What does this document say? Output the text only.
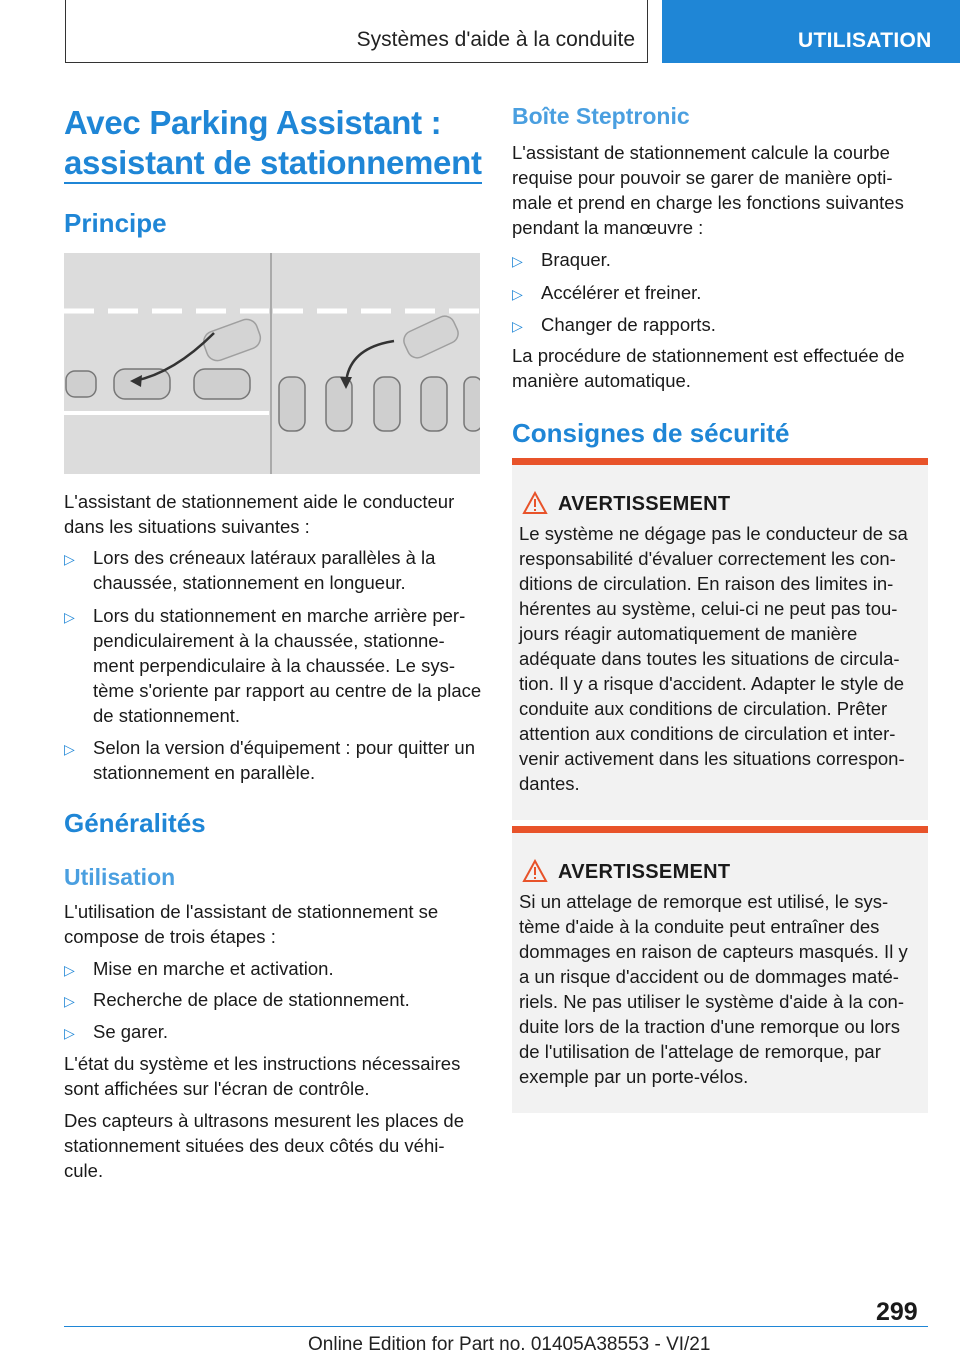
Systèmes d'aide à la conduite	UTILISATION
Avec Parking Assistant : assistant de stationnement
Principe

L'assistant de stationnement aide le conducteur dans les situations suivantes :

▷ Lors des créneaux latéraux parallèles à la chaussée, stationnement en longueur.
▷ Lors du stationnement en marche arrière per‐pendiculairement à la chaussée, stationne‐ment perpendiculaire à la chaussée. Le sys‐tème s'oriente par rapport au centre de la place de stationnement.
▷ Selon la version d'équipement : pour quitter un stationnement en parallèle.
Généralités
Utilisation

L'utilisation de l'assistant de stationnement se compose de trois étapes :

▷ Mise en marche et activation.
▷ Recherche de place de stationnement.
▷ Se garer.

L'état du système et les instructions nécessaires sont affichées sur l'écran de contrôle.

Des capteurs à ultrasons mesurent les places de stationnement situées des deux côtés du véhi‐cule.

Boîte Steptronic

L'assistant de stationnement calcule la courbe requise pour pouvoir se garer de manière opti‐male et prend en charge les fonctions suivantes pendant la manœuvre :

▷ Braquer.
▷ Accélérer et freiner.
▷ Changer de rapports.

La procédure de stationnement est effectuée de manière automatique.

Consignes de sécurité
AVERTISSEMENT

Le système ne dégage pas le conducteur de sa responsabilité d'évaluer correctement les con‐ditions de circulation. En raison des limites in‐hérentes au système, celui-ci ne peut pas tou‐jours réagir automatiquement de manière adéquate dans toutes les situations de circula‐tion. Il y a risque d'accident. Adapter le style de conduite aux conditions de circulation. Prêter attention aux conditions de circulation et inter‐venir activement dans les situations correspon‐dantes.

AVERTISSEMENT

Si un attelage de remorque est utilisé, le sys‐tème d'aide à la conduite peut entraîner des dommages en raison de capteurs masqués. Il y a un risque d'accident ou de dommages maté‐riels. Ne pas utiliser le système d'aide à la con‐duite lors de la traction d'une remorque ou lors de l'utilisation de l'attelage de remorque, par exemple par un porte-vélos.

299
Online Edition for Part no. 01405A38553 - VI/21
